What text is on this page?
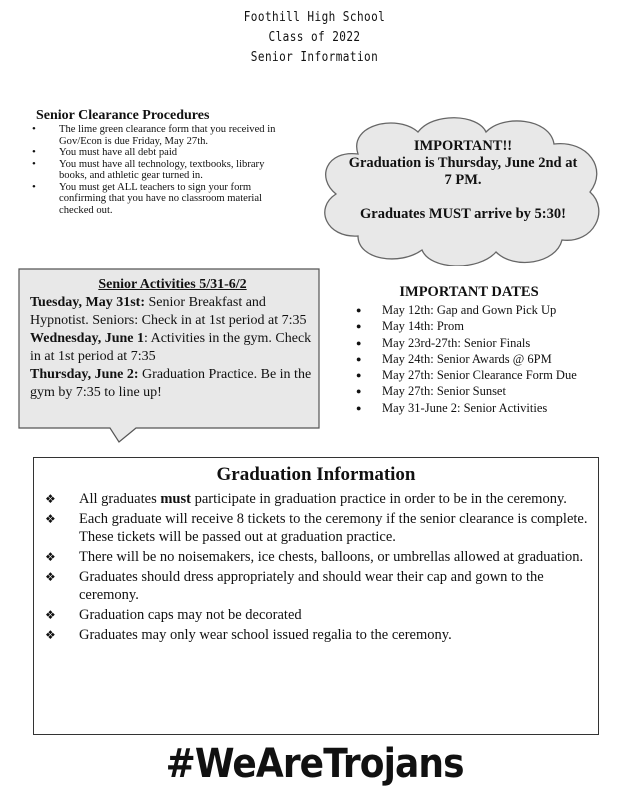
Foothill High School
Class of 2022
Senior Information
Senior Clearance Procedures
• The lime green clearance form that you received in Gov/Econ is due Friday, May 27th.
• You must have all debt paid
• You must have all technology, textbooks, library books, and athletic gear turned in.
• You must get ALL teachers to sign your form confirming that you have no classroom material checked out.

IMPORTANT!!

Graduation is Thursday, June 2nd at 7 PM.

Graduates MUST arrive by 5:30!

Senior Activities 5/31-6/2

Tuesday, May 31st: Senior Breakfast and Hypnotist. Seniors: Check in at 1st period at 7:35

Wednesday, June 1: Activities in the gym. Check in at 1st period at 7:35

Thursday, June 2: Graduation Practice. Be in the gym by 7:35 to line up!

IMPORTANT DATES
● May 12th: Gap and Gown Pick Up
● May 14th: Prom
● May 23rd-27th: Senior Finals
● May 24th: Senior Awards @ 6PM
● May 27th: Senior Clearance Form Due
● May 27th: Senior Sunset
● May 31-June 2: Senior Activities
Graduation Information
❖ All graduates must participate in graduation practice in order to be in the ceremony.
❖ Each graduate will receive 8 tickets to the ceremony if the senior clearance is complete. These tickets will be passed out at graduation practice.
❖ There will be no noisemakers, ice chests, balloons, or umbrellas allowed at graduation.
❖ Graduates should dress appropriately and should wear their cap and gown to the ceremony.
❖ Graduation caps may not be decorated
❖ Graduates may only wear school issued regalia to the ceremony.
#WeAreTrojans
